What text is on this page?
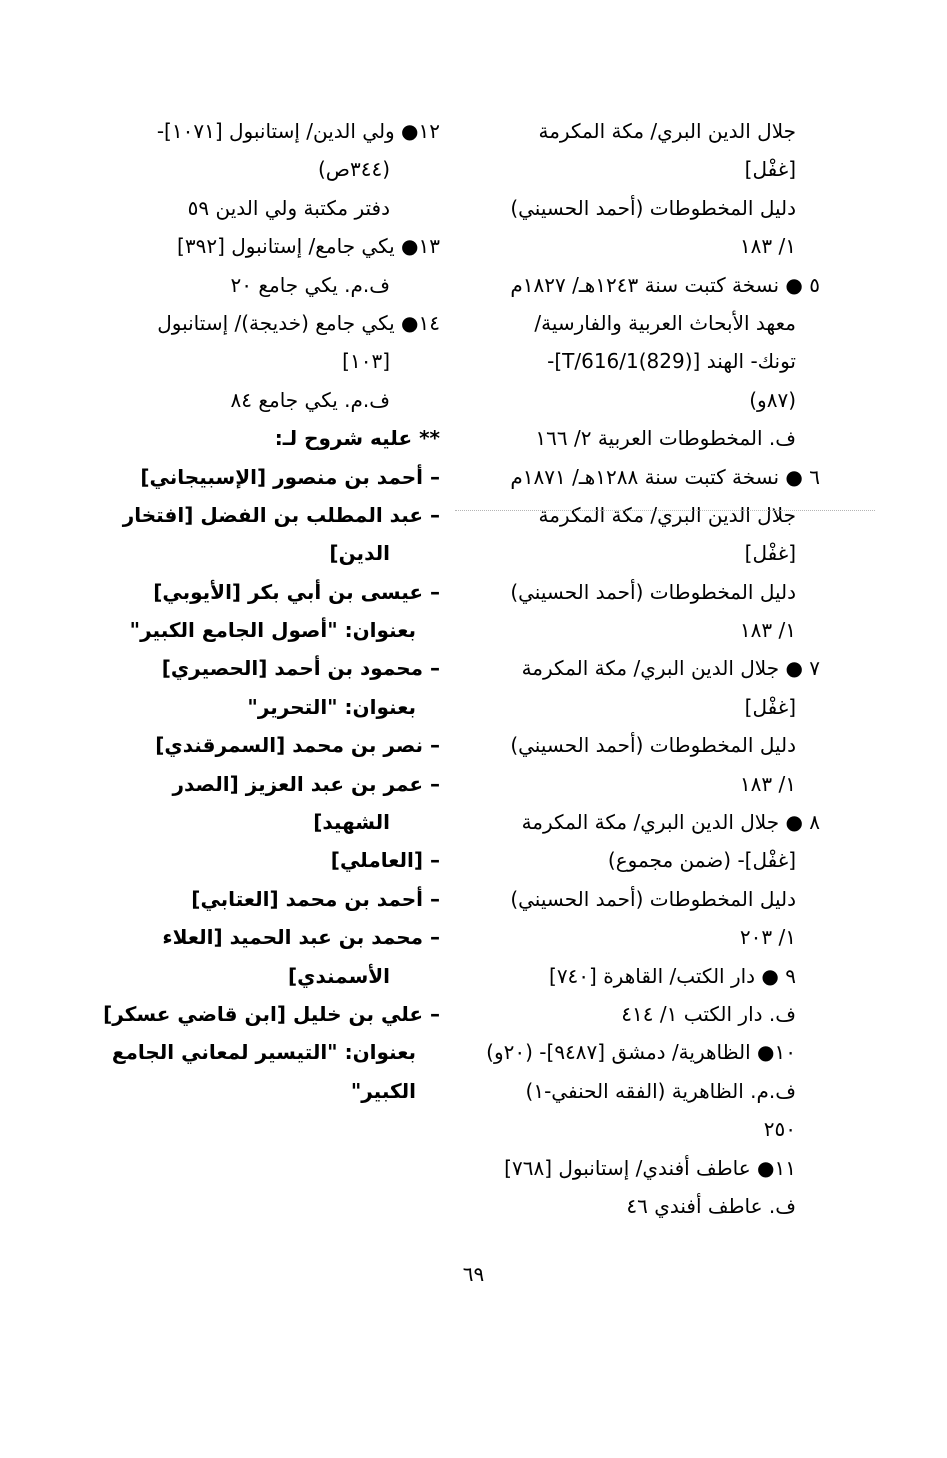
جلال الدين البري/ مكة المكرمة
[غفْل]
دليل المخطوطات (أحمد الحسيني)
١/ ١٨٣
٥ ● نسخة كتبت سنة ١٢٤٣هـ/ ١٨٢٧م
معهد الأبحاث العربية والفارسية/
تونك- الهند [T/616/1(829)]-
(٨٧و)
ف. المخطوطات العربية ٢/ ١٦٦
٦ ● نسخة كتبت سنة ١٢٨٨هـ/ ١٨٧١م
جلال الدين البري/ مكة المكرمة
[غفْل]
دليل المخطوطات (أحمد الحسيني)
١/ ١٨٣
٧ ● جلال الدين البري/ مكة المكرمة
[غفْل]
دليل المخطوطات (أحمد الحسيني)
١/ ١٨٣
٨ ● جلال الدين البري/ مكة المكرمة
[غفْل]- (ضمن مجموع)
دليل المخطوطات (أحمد الحسيني)
١/ ٢٠٣
٩ ● دار الكتب/ القاهرة [٧٤٠]
ف. دار الكتب ١/ ٤١٤
١٠● الظاهرية/ دمشق [٩٤٨٧]- (٢٠و)
ف.م. الظاهرية (الفقه الحنفي-١)
٢٥٠
١١● عاطف أفندي/ إستانبول [٧٦٨]
ف. عاطف أفندي ٤٦
١٢● ولي الدين/ إستانبول [١٠٧١]-
(٣٤٤ص)
دفتر مكتبة ولي الدين ٥٩
١٣● يكي جامع/ إستانبول [٣٩٢]
ف.م. يكي جامع ٢٠
١٤● يكي جامع (خديجة)/ إستانبول
[١٠٣]
ف.م. يكي جامع ٨٤
** عليه شروح لـ:
– أحمد بن منصور [الإسبيجاني]
– عبد المطلب بن الفضل [افتخار
الدين]
– عيسى بن أبي بكر [الأيوبي]
بعنوان: "أصول الجامع الكبير"
– محمود بن أحمد [الحصيري]
بعنوان: "التحرير"
– نصر بن محمد [السمرقندي]
– عمر بن عبد العزيز [الصدر
الشهيد]
– [العاملي]
– أحمد بن محمد [العتابي]
– محمد بن عبد الحميد [العلاء
الأسمندي]
– علي بن خليل [ابن قاضي عسكر]
بعنوان: "التيسير لمعاني الجامع
الكبير"
٦٩
